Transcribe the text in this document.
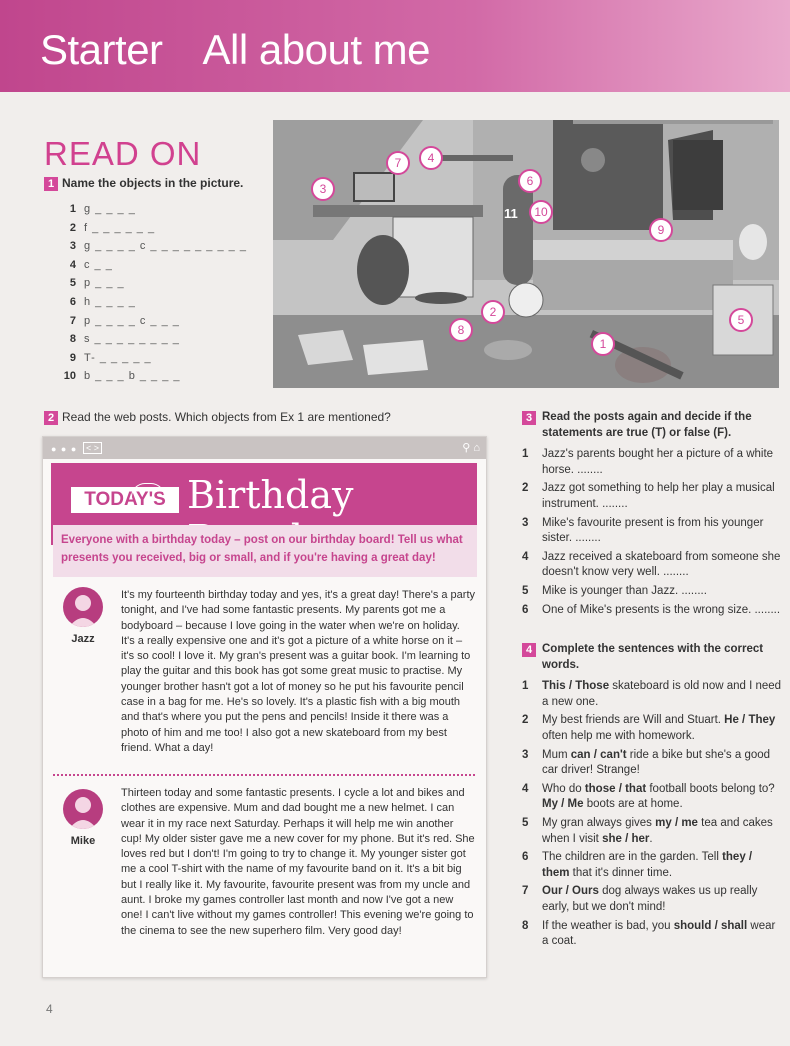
Starter All about me
READ ON
1 Name the objects in the picture.
1 g _ _ _ _
2 f _ _ _ _ _ _
3 g _ _ _ _ c _ _ _ _ _ _ _ _ _
4 c _ _
5 p _ _ _
6 h _ _ _ _
7 p _ _ _ _ c _ _ _
8 s _ _ _ _ _ _ _ _
9 T- _ _ _ _ _
10 b _ _ _ b _ _ _ _
1
2
3
4
5
6
7
8
9
10
11
2 Read the web posts. Which objects from Ex 1 are mentioned?
● ● ● < >	⚲ ⌂
TODAY'S Birthday

Everyone with a birthday today – post on our birthday board! Tell us what presents you received, big or small, and if you're having a great day!

Jazz

It's my fourteenth birthday today and yes, it's a great day! There's a party tonight, and I've had some fantastic presents. My parents got me a bodyboard – because I love going in the water when we're on holiday. It's a really expensive one and it's got a picture of a white horse on it – it's so cool! I love it. My gran's present was a guitar book. I'm learning to play the guitar and this book has got some great music to practise. My younger brother hasn't got a lot of money so he put his favourite pencil case in a bag for me. He's so lovely. It's a plastic fish with a big mouth and that's where you put the pens and pencils! Inside it there was a photo of him and me too! I also got a new skateboard from my best friend. What a day!

Mike

Thirteen today and some fantastic presents. I cycle a lot and bikes and clothes are expensive. Mum and dad bought me a new helmet. I can wear it in my race next Saturday. Perhaps it will help me win another cup! My older sister gave me a new cover for my phone. But it's red. She loves red but I don't! I'm going to try to change it. My younger sister got me a cool T-shirt with the name of my favourite band on it. It's a bit big but I really like it. My favourite, favourite present was from my uncle and aunt. I broke my games controller last month and now I've got a new one! I can't live without my games controller! This evening we're going to the cinema to see the new superhero film. Very good day!

3 Read the posts again and decide if the statements are true (T) or false (F).
1 Jazz's parents bought her a picture of a white horse. ........
2 Jazz got something to help her play a musical instrument. ........
3 Mike's favourite present is from his younger sister. ........
4 Jazz received a skateboard from someone she doesn't know very well. ........
5 Mike is younger than Jazz. ........
6 One of Mike's presents is the wrong size. ........
4 Complete the sentences with the correct words.
1 This / Those skateboard is old now and I need a new one.
2 My best friends are Will and Stuart. He / They often help me with homework.
3 Mum can / can't ride a bike but she's a good car driver! Strange!
4 Who do those / that football boots belong to? My / Me boots are at home.
5 My gran always gives my / me tea and cakes when I visit she / her.
6 The children are in the garden. Tell they / them that it's dinner time.
7 Our / Ours dog always wakes us up really early, but we don't mind!
8 If the weather is bad, you should / shall wear a coat.
4
